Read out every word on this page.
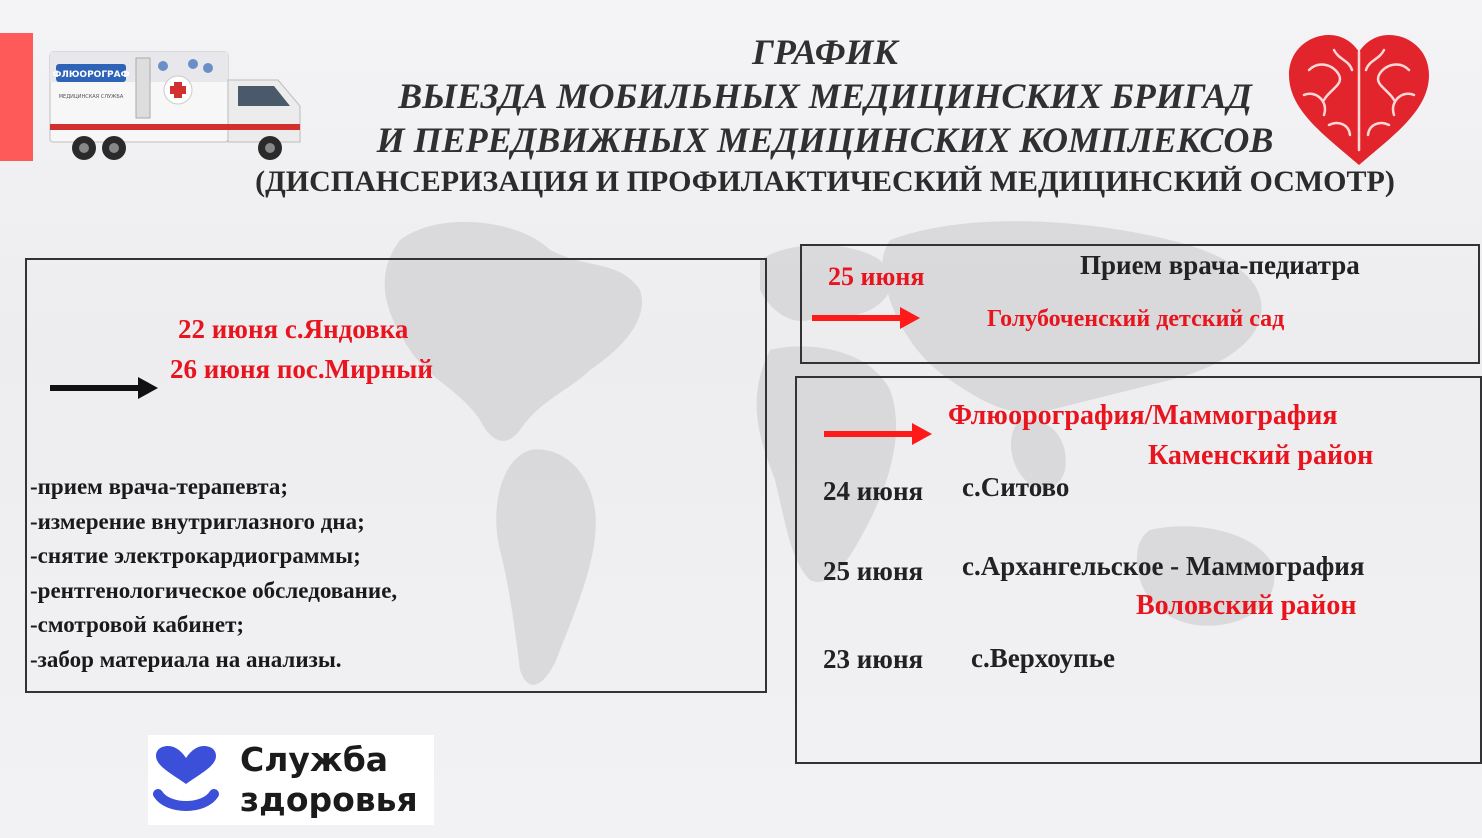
ФЛЮОРОГРАФ
МЕДИЦИНСКАЯ СЛУЖБА
ГРАФИК
ВЫЕЗДА МОБИЛЬНЫХ МЕДИЦИНСКИХ БРИГАД
И ПЕРЕДВИЖНЫХ МЕДИЦИНСКИХ КОМПЛЕКСОВ
(ДИСПАНСЕРИЗАЦИЯ И ПРОФИЛАКТИЧЕСКИЙ МЕДИЦИНСКИЙ ОСМОТР)
22 июня с.Яндовка
26 июня пос.Мирный
-прием врача-терапевта;
-измерение внутриглазного дна;
-снятие электрокардиограммы;
-рентгенологическое обследование,
-смотровой кабинет;
-забор материала на анализы.
25 июня	Прием врача-педиатра
Голубоченский детский сад
Флюорография/Маммография
Каменский район
24 июня с.Ситово
25 июня с.Архангельское - Маммография
Воловский район
23 июня с.Верхоупье
Служба
здоровья
